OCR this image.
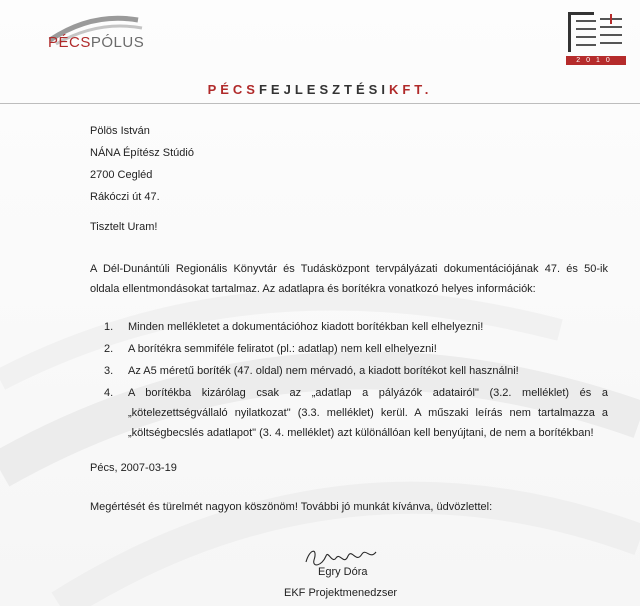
PÉCSPÓLUS
2010
PÉCSFEJLESZTÉSIKFT.
Pölös István
NÁNA Építész Stúdió
2700 Cegléd
Rákóczi út 47.
Tisztelt Uram!
A Dél-Dunántúli Regionális Könyvtár és Tudásközpont tervpályázati dokumentációjának 47. és 50-ik oldala ellentmondásokat tartalmaz. Az adatlapra és borítékra vonatkozó helyes információk:
1. Minden mellékletet a dokumentációhoz kiadott borítékban kell elhelyezni!
2. A borítékra semmiféle feliratot (pl.: adatlap) nem kell elhelyezni!
3. Az A5 méretű boríték (47. oldal) nem mérvadó, a kiadott borítékot kell használni!
4. A borítékba kizárólag csak az „adatlap a pályázók adatairól" (3.2. melléklet) és a „kötelezettségvállaló nyilatkozat" (3.3. melléklet) kerül. A műszaki leírás nem tartalmazza a „költségbecslés adatlapot" (3. 4. melléklet) azt különállóan kell benyújtani, de nem a borítékban!
Pécs, 2007-03-19
Megértését és türelmét nagyon köszönöm! További jó munkát kívánva, üdvözlettel:
Egry Dóra
EKF Projektmenedzser
